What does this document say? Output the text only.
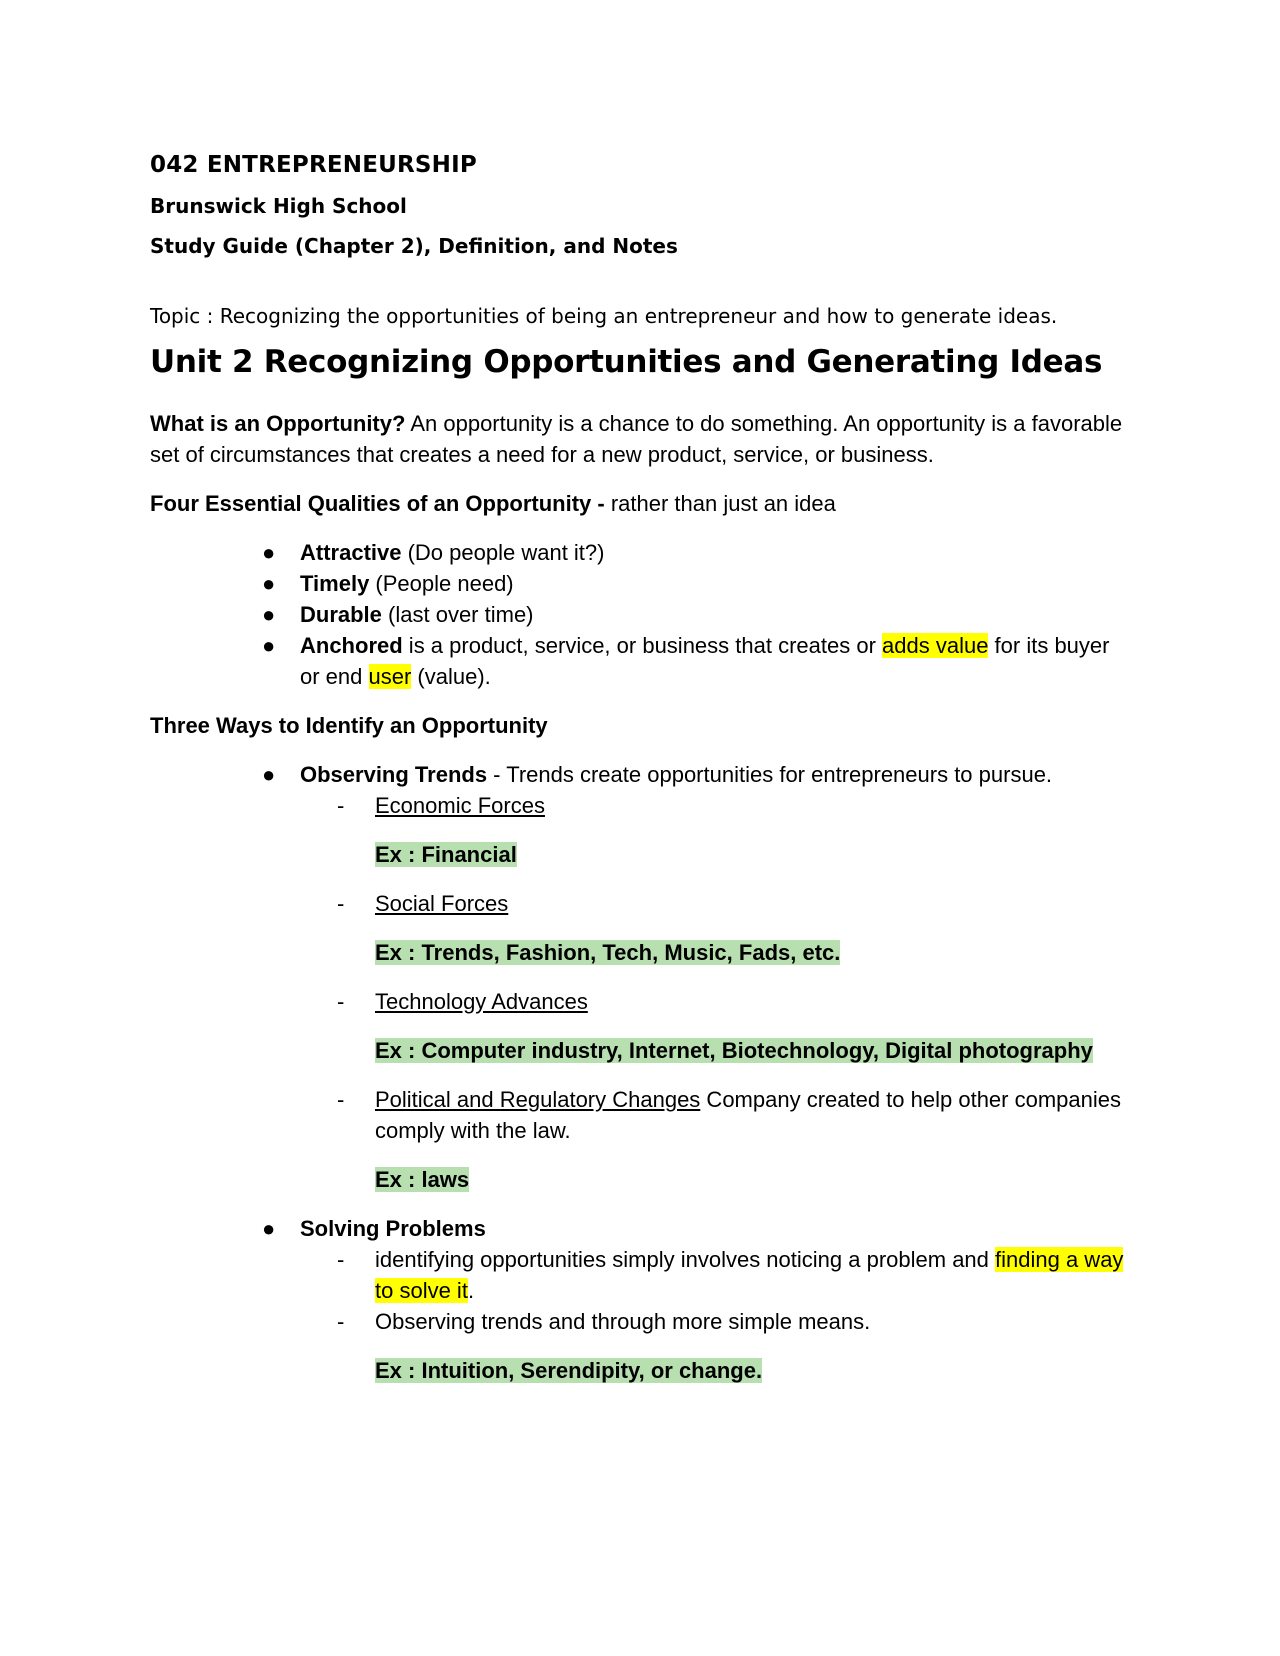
042 ENTREPRENEURSHIP
Brunswick High School
Study Guide (Chapter 2), Definition, and Notes
Topic : Recognizing the opportunities of being an entrepreneur and how to generate ideas.
Unit 2 Recognizing Opportunities and Generating Ideas

What is an Opportunity? An opportunity is a chance to do something. An opportunity is a favorable set of circumstances that creates a need for a new product, service, or business.

Four Essential Qualities of an Opportunity - rather than just an idea

● Attractive (Do people want it?)
● Timely (People need)
● Durable (last over time)
● Anchored is a product, service, or business that creates or adds value for its buyer or end user (value).

Three Ways to Identify an Opportunity

● Observing Trends - Trends create opportunities for entrepreneurs to pursue.
- Economic Forces

Ex : Financial

- Social Forces

Ex : Trends, Fashion, Tech, Music, Fads, etc.

- Technology Advances

Ex : Computer industry, Internet, Biotechnology, Digital photography

- Political and Regulatory Changes Company created to help other companies comply with the law.

Ex : laws

● Solving Problems
- identifying opportunities simply involves noticing a problem and finding a way to solve it.
- Observing trends and through more simple means.

Ex : Intuition, Serendipity, or change.
